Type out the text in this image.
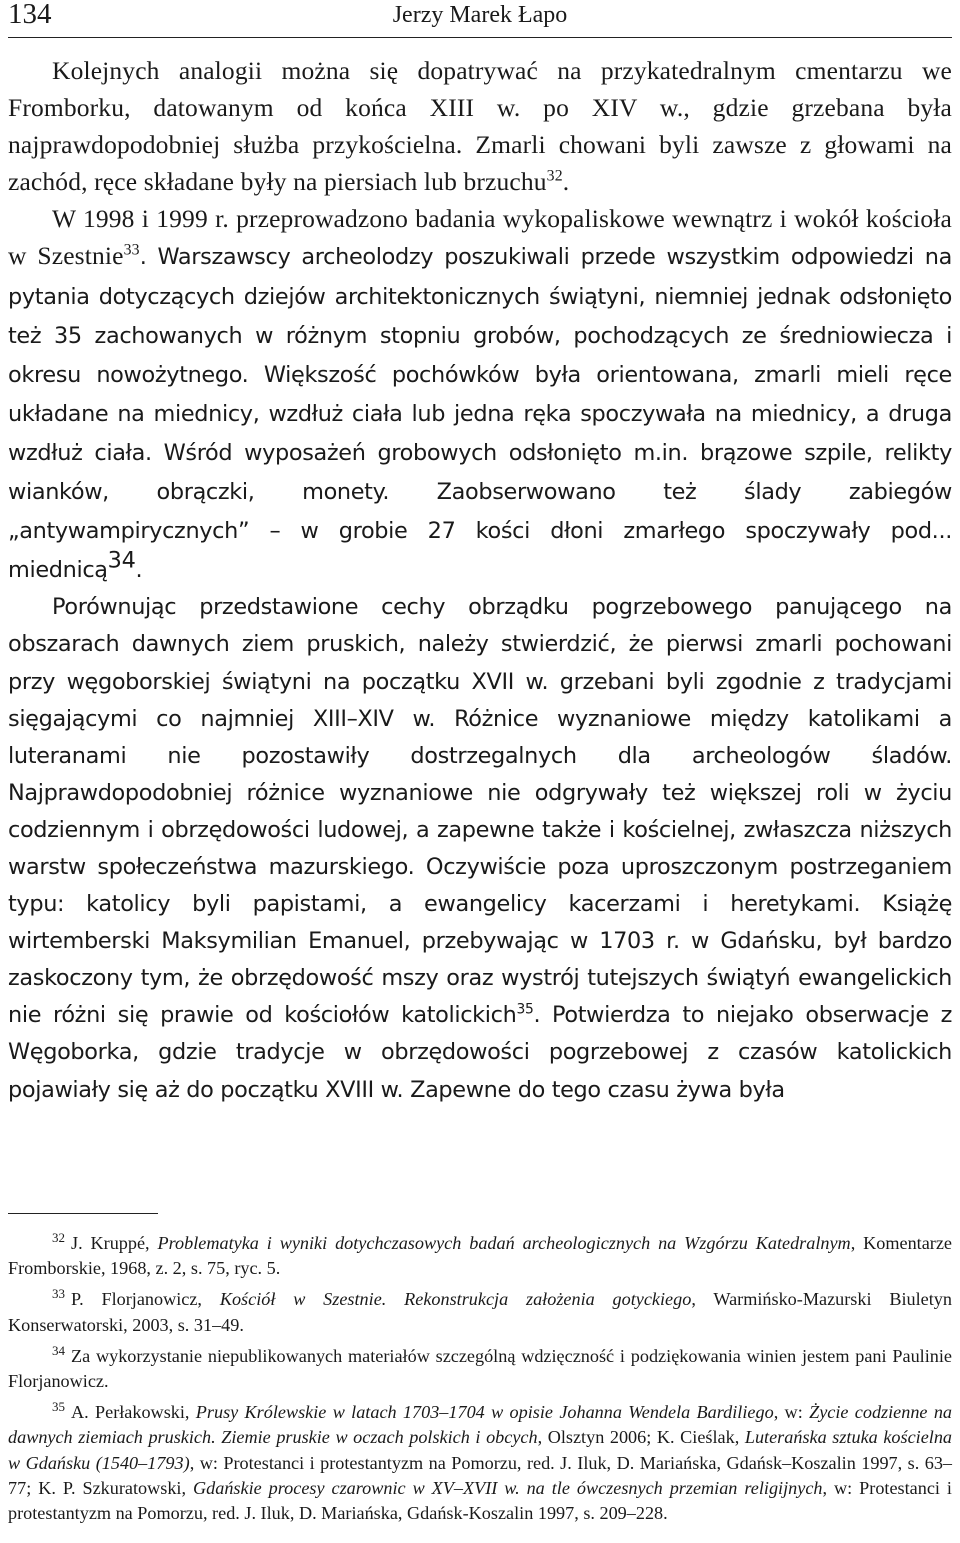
134	Jerzy Marek Łapo

Kolejnych analogii można się dopatrywać na przykatedralnym cmentarzu we Fromborku, datowanym od końca XIII w. po XIV w., gdzie grzebana była najprawdopodobniej służba przykościelna. Zmarli chowani byli zawsze z głowami na zachód, ręce składane były na piersiach lub brzuchu$^{32}$.

W 1998 i 1999 r. przeprowadzono badania wykopaliskowe wewnątrz i wokół kościoła w Szestnie$^{33}$. Warszawscy archeolodzy poszukiwali przede wszystkim odpowiedzi na pytania dotyczących dziejów architektonicznych świątyni, niemniej jednak odsłonięto też 35 zachowanych w różnym stopniu grobów, pochodzących ze średniowiecza i okresu nowożytnego. Większość pochówków była orientowana, zmarli mieli ręce układane na miednicy, wzdłuż ciała lub jedna ręka spoczywała na miednicy, a druga wzdłuż ciała. Wśród wyposażeń grobowych odsłonięto m.in. brązowe szpile, relikty wianków, obrączki, monety. Zaobserwowano też ślady zabiegów „antywampirycznych” – w grobie 27 kości dłoni zmarłego spoczywały pod... miednicą$^{34}$.

Porównując przedstawione cechy obrządku pogrzebowego panującego na obszarach dawnych ziem pruskich, należy stwierdzić, że pierwsi zmarli pochowani przy węgoborskiej świątyni na początku XVII w. grzebani byli zgodnie z tradycjami sięgającymi co najmniej XIII–XIV w. Różnice wyznaniowe między katolikami a luteranami nie pozostawiły dostrzegalnych dla archeologów śladów. Najprawdopodobniej różnice wyznaniowe nie odgrywały też większej roli w życiu codziennym i obrzędowości ludowej, a zapewne także i kościelnej, zwłaszcza niższych warstw społeczeństwa mazurskiego. Oczywiście poza uproszczonym postrzeganiem typu: katolicy byli papistami, a ewangelicy kacerzami i heretykami. Książę wirtemberski Maksymilian Emanuel, przebywając w 1703 r. w Gdańsku, był bardzo zaskoczony tym, że obrzędowość mszy oraz wystrój tutejszych świątyń ewangelickich nie różni się prawie od kościołów katolickich$^{35}$. Potwierdza to niejako obserwacje z Węgoborka, gdzie tradycje w obrzędowości pogrzebowej z czasów katolickich pojawiały się aż do początku XVIII w. Zapewne do tego czasu żywa była

$^{32}$ J. Kruppé, Problematyka i wyniki dotychczasowych badań archeologicznych na Wzgórzu Katedralnym, Komentarze Fromborskie, 1968, z. 2, s. 75, ryc. 5.

$^{33}$ P. Florjanowicz, Kościół w Szestnie. Rekonstrukcja założenia gotyckiego, Warmińsko-Mazurski Biuletyn Konserwatorski, 2003, s. 31–49.

$^{34}$ Za wykorzystanie niepublikowanych materiałów szczególną wdzięczność i podziękowania winien jestem pani Paulinie Florjanowicz.

$^{35}$ A. Perłakowski, Prusy Królewskie w latach 1703–1704 w opisie Johanna Wendela Bardiliego, w: Życie codzienne na dawnych ziemiach pruskich. Ziemie pruskie w oczach polskich i obcych, Olsztyn 2006; K. Cieślak, Luterańska sztuka kościelna w Gdańsku (1540–1793), w: Protestanci i protestantyzm na Pomorzu, red. J. Iluk, D. Mariańska, Gdańsk–Koszalin 1997, s. 63–77; K. P. Szkuratowski, Gdańskie procesy czarownic w XV–XVII w. na tle ówczesnych przemian religijnych, w: Protestanci i protestantyzm na Pomorzu, red. J. Iluk, D. Mariańska, Gdańsk-Koszalin 1997, s. 209–228.
